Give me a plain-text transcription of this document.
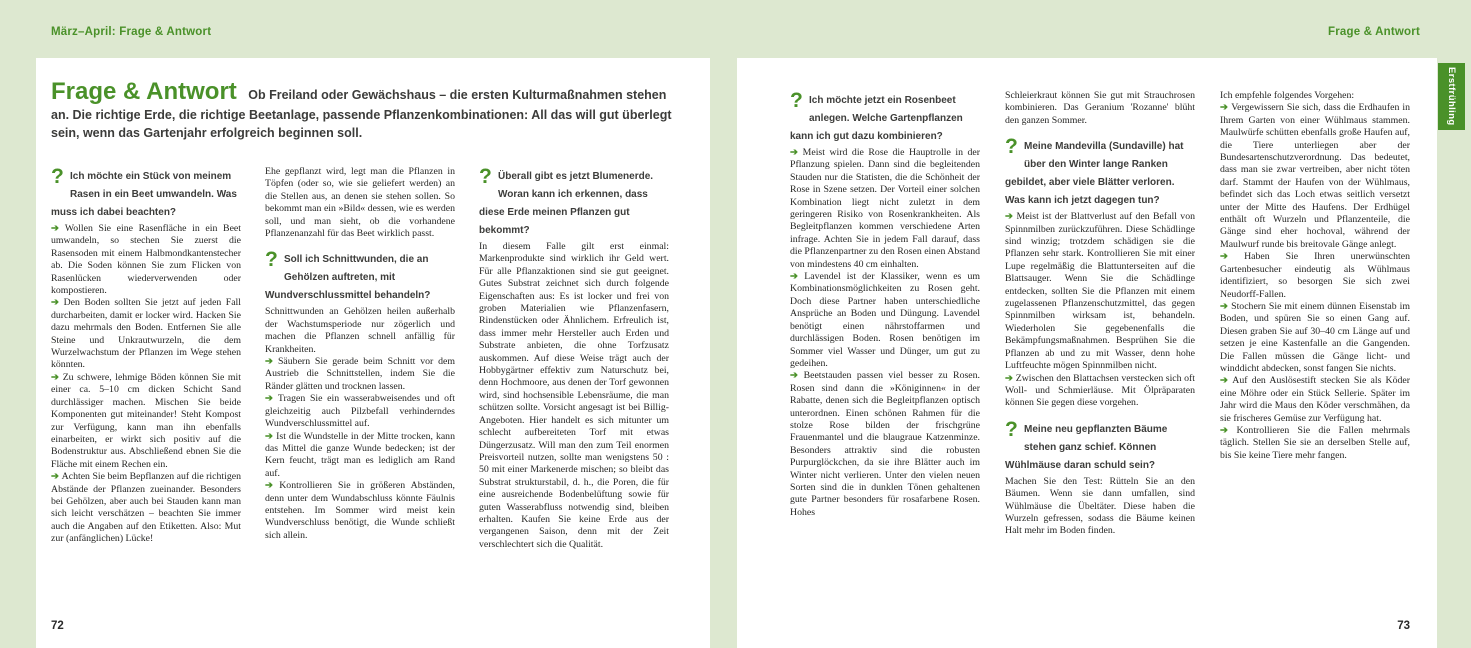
März–April: Frage & Antwort	Frage & Antwort
Erstfrühling
Frage & Antwort Ob Freiland oder Gewächshaus – die ersten Kulturmaßnahmen stehen an. Die richtige Erde, die richtige Beetanlage, passende Pflanzenkombinationen: All das will gut überlegt sein, wenn das Gartenjahr erfolgreich beginnen soll.
? Ich möchte ein Stück von meinem Rasen in ein Beet umwandeln. Was muss ich dabei beachten?

➔ Wollen Sie eine Rasenfläche in ein Beet umwandeln, so stechen Sie zuerst die Rasensoden mit einem Halbmondkantenstecher ab. Die Soden können Sie zum Flicken von Rasenlücken wiederverwenden oder kompostieren.

➔ Den Boden sollten Sie jetzt auf jeden Fall durcharbeiten, damit er locker wird. Hacken Sie dazu mehrmals den Boden. Entfernen Sie alle Steine und Unkrautwurzeln, die dem Wurzelwachstum der Pflanzen im Wege stehen könnten.

➔ Zu schwere, lehmige Böden können Sie mit einer ca. 5–10 cm dicken Schicht Sand durchlässiger machen. Mischen Sie beide Komponenten gut miteinander! Steht Kompost zur Verfügung, kann man ihn ebenfalls einarbeiten, er wirkt sich positiv auf die Bodenstruktur aus. Abschließend ebnen Sie die Fläche mit einem Rechen ein.

➔ Achten Sie beim Bepflanzen auf die richtigen Abstände der Pflanzen zueinander. Besonders bei Gehölzen, aber auch bei Stauden kann man sich leicht verschätzen – beachten Sie immer auch die Angaben auf den Etiketten. Also: Mut zur (anfänglichen) Lücke!

Ehe gepflanzt wird, legt man die Pflanzen in Töpfen (oder so, wie sie geliefert werden) an die Stellen aus, an denen sie stehen sollen. So bekommt man ein »Bild« dessen, wie es werden soll, und man sieht, ob die vorhandene Pflanzenanzahl für das Beet wirklich passt.

? Soll ich Schnittwunden, die an Gehölzen auftreten, mit Wundverschlussmittel behandeln?

Schnittwunden an Gehölzen heilen außerhalb der Wachstumsperiode nur zögerlich und machen die Pflanzen schnell anfällig für Krankheiten.

➔ Säubern Sie gerade beim Schnitt vor dem Austrieb die Schnittstellen, indem Sie die Ränder glätten und trocknen lassen.

➔ Tragen Sie ein wasserabweisendes und oft gleichzeitig auch Pilzbefall verhinderndes Wundverschlussmittel auf.

➔ Ist die Wundstelle in der Mitte trocken, kann das Mittel die ganze Wunde bedecken; ist der Kern feucht, trägt man es lediglich am Rand auf.

➔ Kontrollieren Sie in größeren Abständen, denn unter dem Wundabschluss könnte Fäulnis entstehen. Im Sommer wird meist kein Wundverschluss benötigt, die Wunde schließt sich allein.

? Überall gibt es jetzt Blumenerde. Woran kann ich erkennen, dass diese Erde meinen Pflanzen gut bekommt?

In diesem Falle gilt erst einmal: Markenprodukte sind wirklich ihr Geld wert. Für alle Pflanzaktionen sind sie gut geeignet. Gutes Substrat zeichnet sich durch folgende Eigenschaften aus: Es ist locker und frei von groben Materialien wie Pflanzenfasern, Rindenstücken oder Ähnlichem. Erfreulich ist, dass immer mehr Hersteller auch Erden und Substrate anbieten, die ohne Torfzusatz auskommen. Auf diese Weise trägt auch der Hobbygärtner effektiv zum Naturschutz bei, denn Hochmoore, aus denen der Torf gewonnen wird, sind hochsensible Lebensräume, die man schützen sollte. Vorsicht angesagt ist bei Billig-Angeboten. Hier handelt es sich mitunter um schlecht aufbereiteten Torf mit etwas Düngerzusatz. Will man den zum Teil enormen Preisvorteil nutzen, sollte man wenigstens 50 : 50 mit einer Markenerde mischen; so bleibt das Substrat strukturstabil, d. h., die Poren, die für eine ausreichende Bodenbelüftung sowie für guten Wasserabfluss notwendig sind, bleiben erhalten. Kaufen Sie keine Erde aus der vergangenen Saison, denn mit der Zeit verschlechtert sich die Qualität.

72
? Ich möchte jetzt ein Rosenbeet anlegen. Welche Gartenpflanzen kann ich gut dazu kombinieren?

➔ Meist wird die Rose die Hauptrolle in der Pflanzung spielen. Dann sind die begleitenden Stauden nur die Statisten, die die Schönheit der Rose in Szene setzen. Der Vorteil einer solchen Kombination liegt nicht zuletzt in dem geringeren Risiko von Rosenkrankheiten. Als Begleitpflanzen kommen verschiedene Arten infrage. Achten Sie in jedem Fall darauf, dass die Pflanzenpartner zu den Rosen einen Abstand von mindestens 40 cm einhalten.

➔ Lavendel ist der Klassiker, wenn es um Kombinationsmöglichkeiten zu Rosen geht. Doch diese Partner haben unterschiedliche Ansprüche an Boden und Düngung. Lavendel benötigt einen nährstoffarmen und durchlässigen Boden. Rosen benötigen im Sommer viel Wasser und Dünger, um gut zu gedeihen.

➔ Beetstauden passen viel besser zu Rosen. Rosen sind dann die »Königinnen« in der Rabatte, denen sich die Begleitpflanzen optisch unterordnen. Einen schönen Rahmen für die stolze Rose bilden der frischgrüne Frauenmantel und die blaugraue Katzenminze. Besonders attraktiv sind die robusten Purpurglöckchen, da sie ihre Blätter auch im Winter nicht verlieren. Unter den vielen neuen Sorten sind die in dunklen Tönen gehaltenen gute Partner besonders für rosafarbene Rosen. Hohes

Schleierkraut können Sie gut mit Strauchrosen kombinieren. Das Geranium 'Rozanne' blüht den ganzen Sommer.

? Meine Mandevilla (Sundaville) hat über den Winter lange Ranken gebildet, aber viele Blätter verloren. Was kann ich jetzt dagegen tun?

➔ Meist ist der Blattverlust auf den Befall von Spinnmilben zurückzuführen. Diese Schädlinge sind winzig; trotzdem schädigen sie die Pflanzen sehr stark. Kontrollieren Sie mit einer Lupe regelmäßig die Blattunterseiten auf die Blattsauger. Wenn Sie die Schädlinge entdecken, sollten Sie die Pflanzen mit einem zugelassenen Pflanzenschutzmittel, das gegen Spinnmilben wirksam ist, behandeln. Wiederholen Sie gegebenenfalls die Bekämpfungsmaßnahmen. Besprühen Sie die Pflanzen ab und zu mit Wasser, denn hohe Luftfeuchte mögen Spinnmilben nicht.

➔ Zwischen den Blattachsen verstecken sich oft Woll- und Schmierläuse. Mit Ölpräparaten können Sie gegen diese vorgehen.

? Meine neu gepflanzten Bäume stehen ganz schief. Können Wühlmäuse daran schuld sein?

Machen Sie den Test: Rütteln Sie an den Bäumen. Wenn sie dann umfallen, sind Wühlmäuse die Übeltäter. Diese haben die Wurzeln gefressen, sodass die Bäume keinen Halt mehr im Boden finden.

Ich empfehle folgendes Vorgehen:

➔ Vergewissern Sie sich, dass die Erdhaufen in Ihrem Garten von einer Wühlmaus stammen. Maulwürfe schütten ebenfalls große Haufen auf, die Tiere unterliegen aber der Bundesartenschutzverordnung. Das bedeutet, dass man sie zwar vertreiben, aber nicht töten darf. Stammt der Haufen von der Wühlmaus, befindet sich das Loch etwas seitlich versetzt unter der Mitte des Haufens. Der Erdhügel enthält oft Wurzeln und Pflanzenteile, die Gänge sind eher hochoval, während der Maulwurf runde bis breitovale Gänge anlegt.

➔ Haben Sie Ihren unerwünschten Gartenbesucher eindeutig als Wühlmaus identifiziert, so besorgen Sie sich zwei Neudorff-Fallen.

➔ Stochern Sie mit einem dünnen Eisenstab im Boden, und spüren Sie so einen Gang auf. Diesen graben Sie auf 30–40 cm Länge auf und setzen je eine Kastenfalle an die Gangenden. Die Fallen müssen die Gänge licht- und winddicht abdecken, sonst fangen Sie nichts.

➔ Auf den Auslösestift stecken Sie als Köder eine Möhre oder ein Stück Sellerie. Später im Jahr wird die Maus den Köder verschmähen, da sie frischeres Gemüse zur Verfügung hat.

➔ Kontrollieren Sie die Fallen mehrmals täglich. Stellen Sie sie an derselben Stelle auf, bis Sie keine Tiere mehr fangen.

73
